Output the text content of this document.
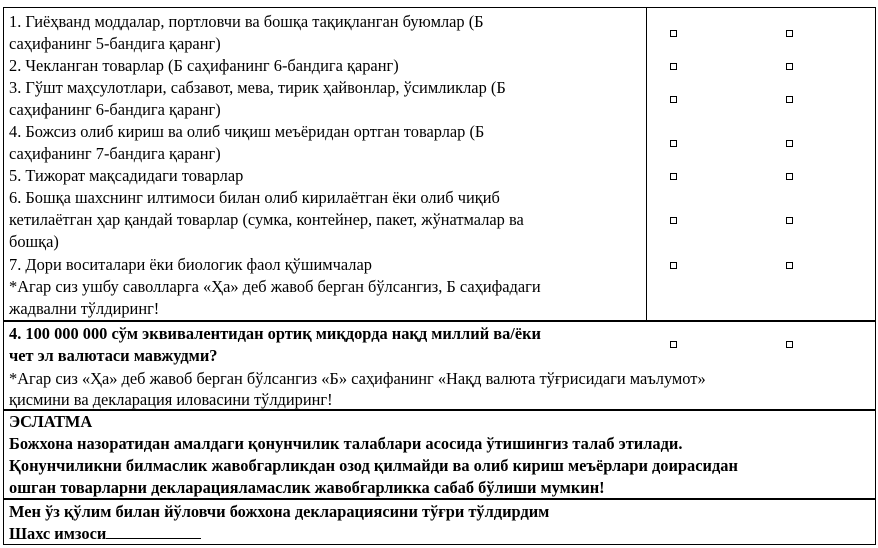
1. Гиёҳванд моддалар, портловчи ва бошқа тақиқланган буюмлар (Б
саҳифанинг 5-бандига қаранг)
2. Чекланган товарлар (Б саҳифанинг 6-бандига қаранг)
3. Гўшт маҳсулотлари, сабзавот, мева, тирик ҳайвонлар, ўсимликлар (Б
саҳифанинг 6-бандига қаранг)
4. Божсиз олиб кириш ва олиб чиқиш меъёридан ортган товарлар (Б
саҳифанинг 7-бандига қаранг)
5. Тижорат мақсадидаги товарлар
6. Бошқа шахснинг илтимоси билан олиб кирилаётган ёки олиб чиқиб
кетилаётган ҳар қандай товарлар (сумка, контейнер, пакет, жўнатмалар ва
бошқа)
7. Дори воситалари ёки биологик фаол қўшимчалар
*Агар сиз ушбу саволларга «Ҳа» деб жавоб берган бўлсангиз, Б саҳифадаги
жадвални тўлдиринг!
4. 100 000 000 сўм эквивалентидан ортиқ миқдорда нақд миллий ва/ёки
чет эл валютаси мавжудми?
*Агар сиз «Ҳа» деб жавоб берган бўлсангиз «Б» саҳифанинг «Нақд валюта тўғрисидаги маълумот»
қисмини ва декларация иловасини тўлдиринг!
ЭСЛАТМА
Божхона назоратидан амалдаги қонунчилик талаблари асосида ўтишингиз талаб этилади.
Қонунчиликни билмаслик жавобгарликдан озод қилмайди ва олиб кириш меъёрлари доирасидан
ошган товарларни декларацияламаслик жавобгарликка сабаб бўлиши мумкин!
Мен ўз қўлим билан йўловчи божхона декларациясини тўғри тўлдирдим
Шахс имзоси
